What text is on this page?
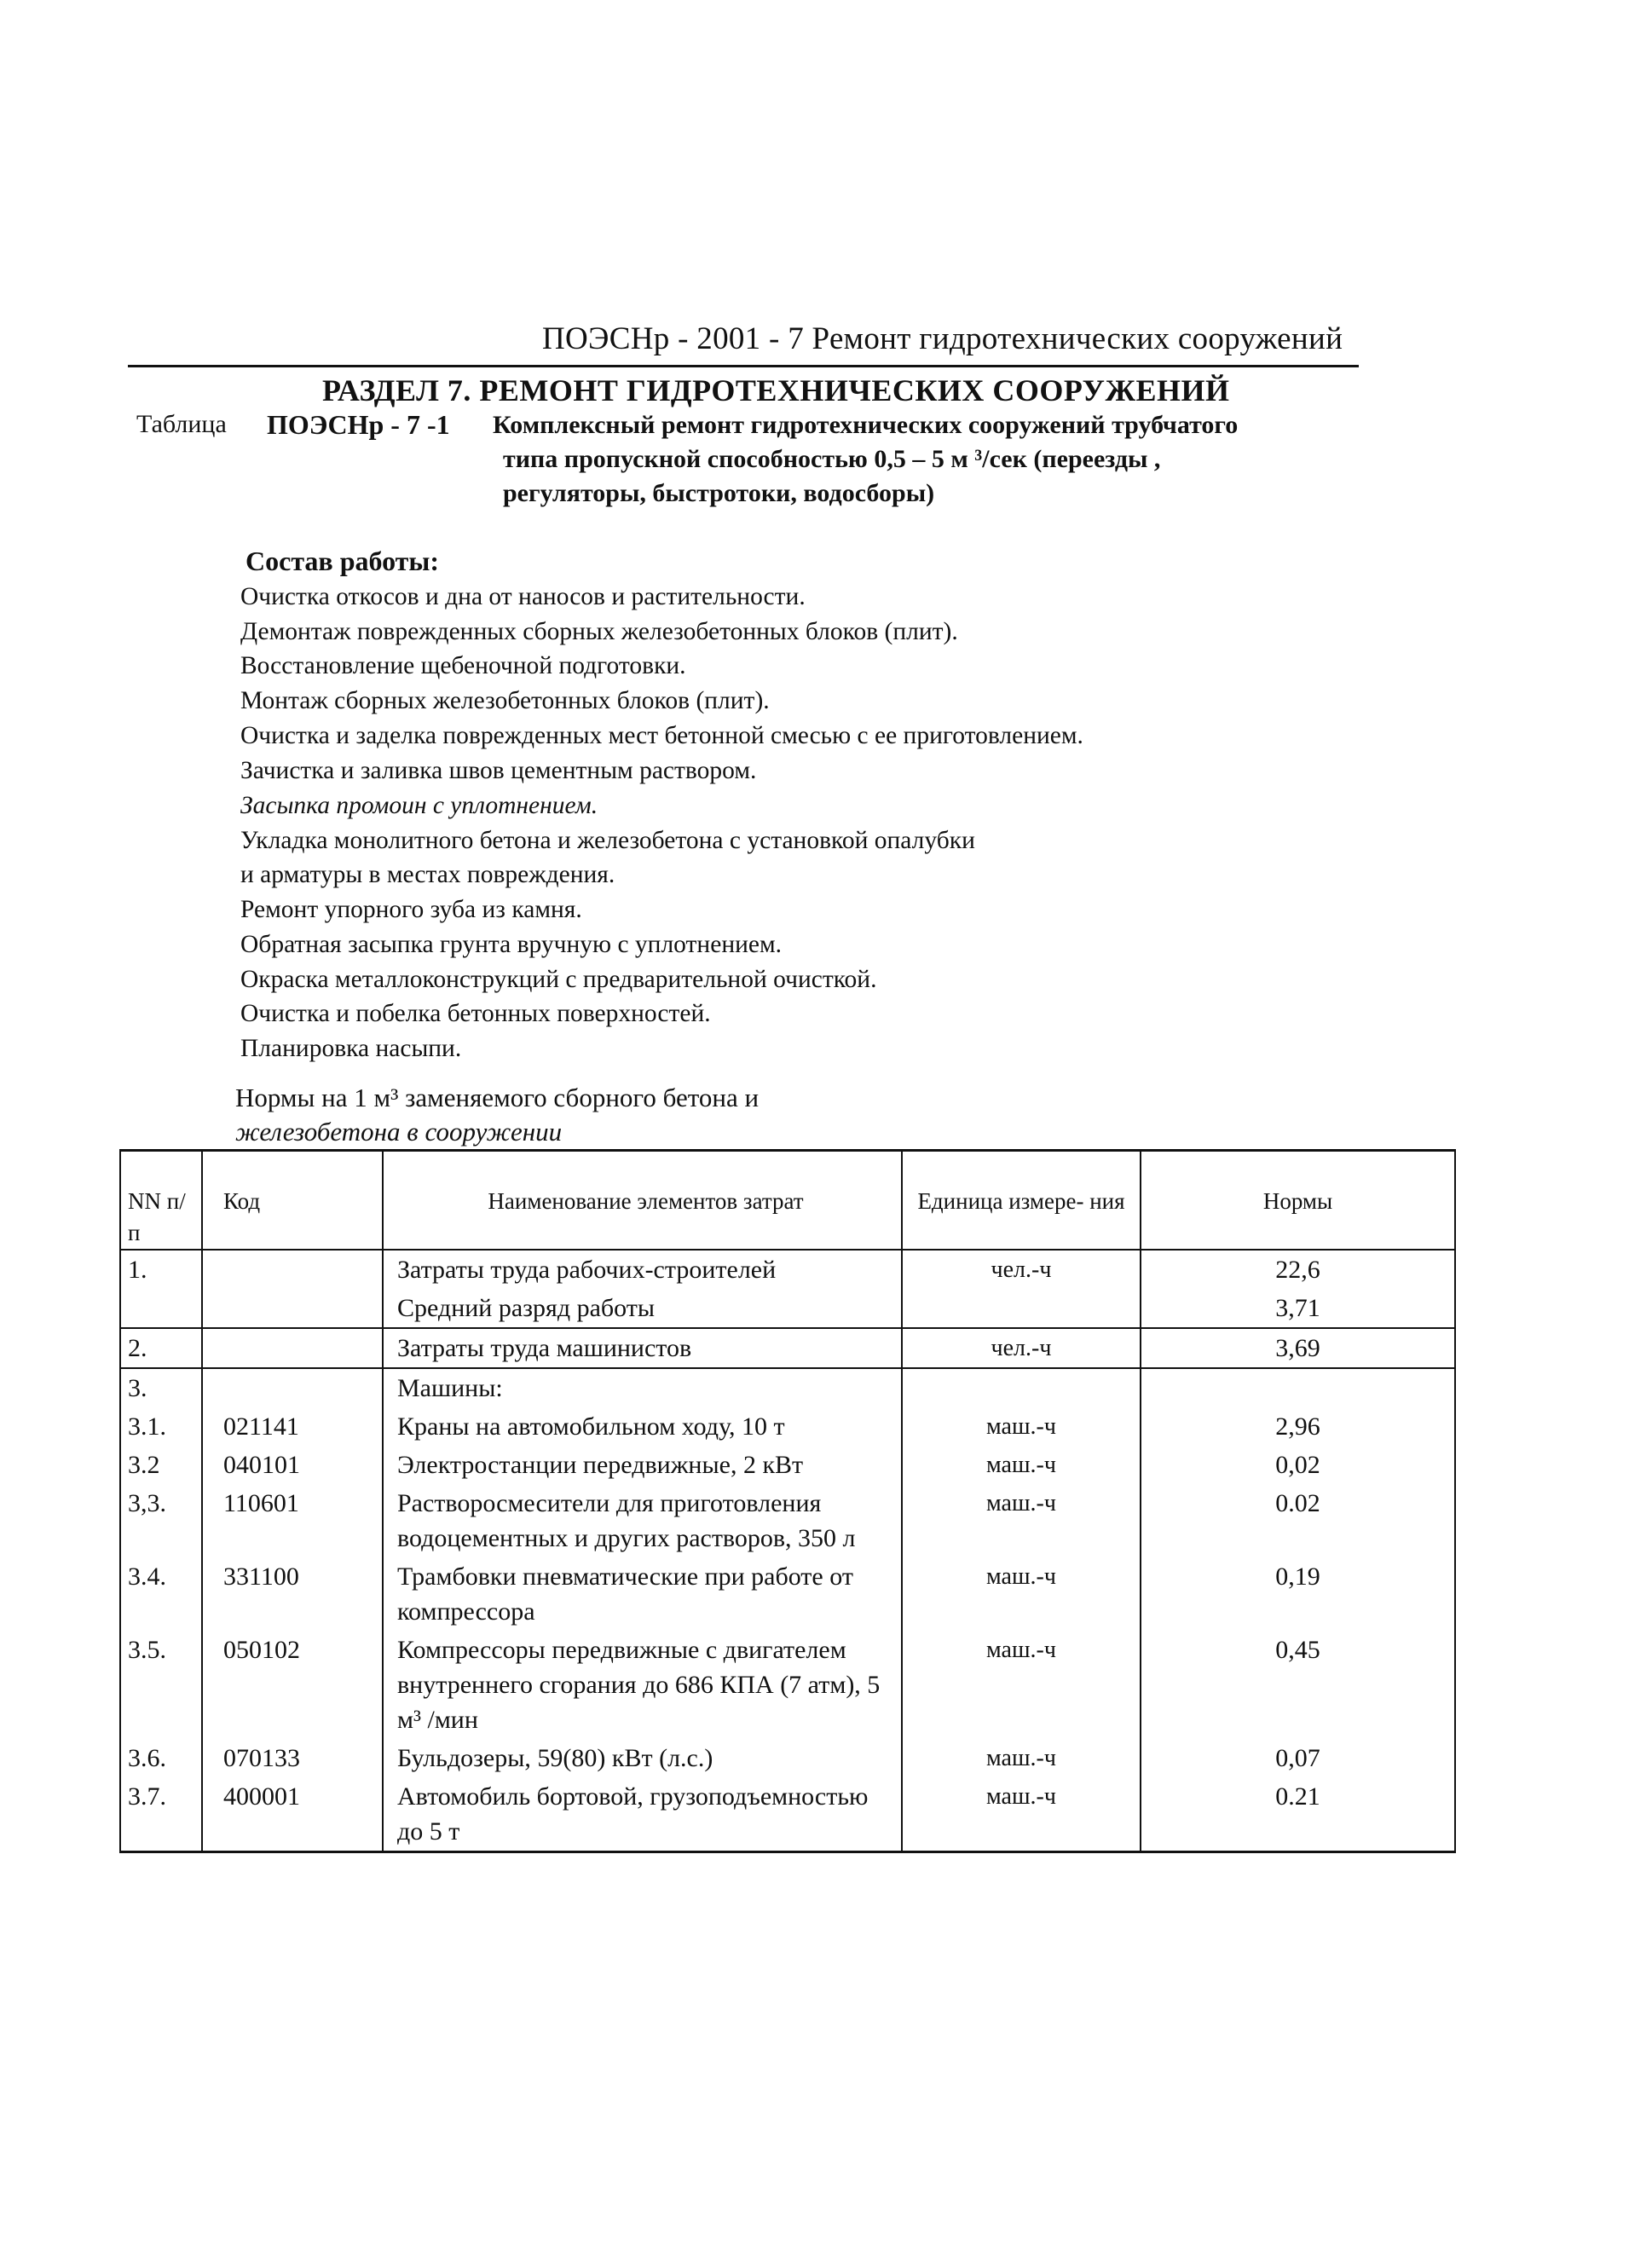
ПОЭСНр - 2001 - 7 Ремонт гидротехнических сооружений
РАЗДЕЛ 7. РЕМОНТ ГИДРОТЕХНИЧЕСКИХ СООРУЖЕНИЙ
Таблица ПОЭСНр - 7 -1 Комплексный ремонт гидротехнических сооружений трубчатого
типа пропускной способностью 0,5 – 5 м ³/сек (переезды ,
регуляторы, быстротоки, водосборы)
Состав работы:
Очистка откосов и дна от наносов и растительности.
Демонтаж поврежденных сборных железобетонных блоков (плит).
Восстановление щебеночной подготовки.
Монтаж сборных железобетонных блоков (плит).
Очистка и заделка поврежденных мест бетонной смесью с ее приготовлением.
Зачистка и заливка швов цементным раствором.
Засыпка промоин с уплотнением.
Укладка монолитного бетона и железобетона с установкой опалубки
и арматуры в местах повреждения.
Ремонт упорного зуба из камня.
Обратная засыпка грунта вручную с уплотнением.
Окраска металлоконструкций с предварительной очисткой.
Очистка и побелка бетонных поверхностей.
Планировка насыпи.
Нормы на 1 м³ заменяемого сборного бетона и
железобетона в сооружении
NN п/п	Код	Наименование элементов затрат	Единица измере- ния	Нормы
1.		Затраты труда рабочих-строителей	чел.-ч	22,6
		Средний разряд работы		3,71
2.		Затраты труда машинистов	чел.-ч	3,69
3.		Машины:		
3.1.	021141	Краны на автомобильном ходу, 10 т	маш.-ч	2,96
3.2	040101	Электростанции передвижные, 2 кВт	маш.-ч	0,02
3,3.	110601	Растворосмесители для приготовления водоцементных и других растворов, 350 л	маш.-ч	0.02
3.4.	331100	Трамбовки пневматические при работе от компрессора	маш.-ч	0,19
3.5.	050102	Компрессоры передвижные с двигателем внутреннего сгорания до 686 КПА (7 атм), 5 м³ /мин	маш.-ч	0,45
3.6.	070133	Бульдозеры, 59(80) кВт (л.с.)	маш.-ч	0,07
3.7.	400001	Автомобиль бортовой, грузоподъемностью до 5 т	маш.-ч	0.21
